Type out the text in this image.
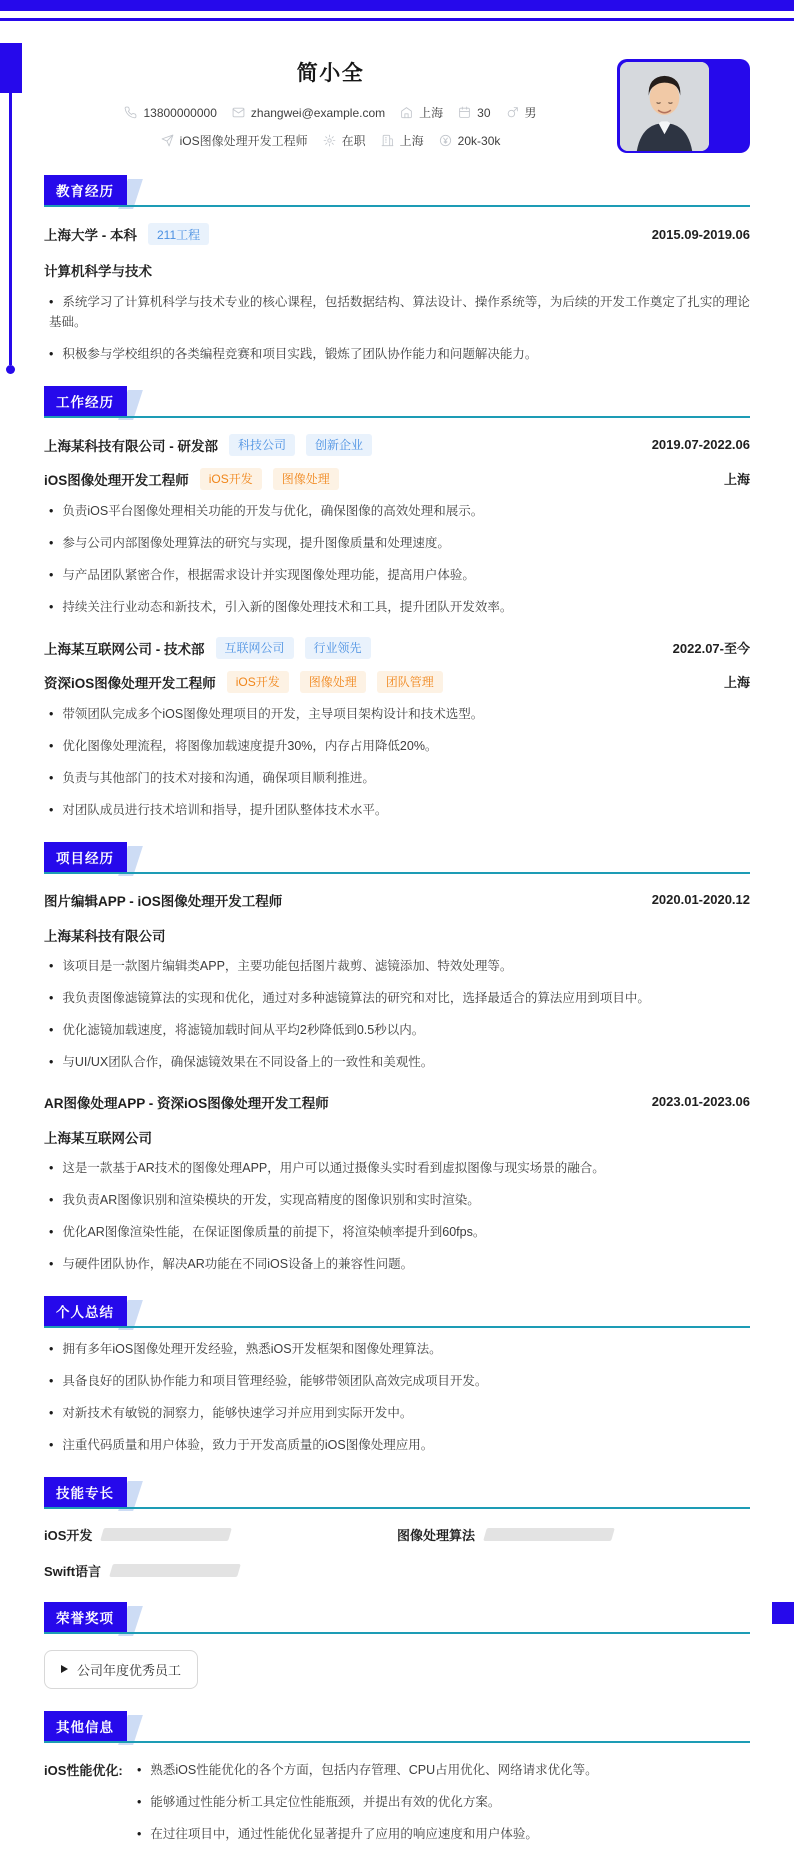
简小全
13800000000	zhangwei@example.com	上海	30	男
iOS图像处理开发工程师	在职	上海	20k-30k
教育经历
上海大学 - 本科	211工程	2015.09-2019.06
计算机科学与技术

• 系统学习了计算机科学与技术专业的核心课程，包括数据结构、算法设计、操作系统等，为后续的开发工作奠定了扎实的理论基础。

• 积极参与学校组织的各类编程竞赛和项目实践，锻炼了团队协作能力和问题解决能力。

工作经历
上海某科技有限公司 - 研发部	科技公司	创新企业	2019.07-2022.06
iOS图像处理开发工程师	iOS开发	图像处理	上海

• 负责iOS平台图像处理相关功能的开发与优化，确保图像的高效处理和展示。

• 参与公司内部图像处理算法的研究与实现，提升图像质量和处理速度。

• 与产品团队紧密合作，根据需求设计并实现图像处理功能，提高用户体验。

• 持续关注行业动态和新技术，引入新的图像处理技术和工具，提升团队开发效率。

上海某互联网公司 - 技术部	互联网公司	行业领先	2022.07-至今
资深iOS图像处理开发工程师	iOS开发	图像处理	团队管理	上海

• 带领团队完成多个iOS图像处理项目的开发，主导项目架构设计和技术选型。

• 优化图像处理流程，将图像加载速度提升30%，内存占用降低20%。

• 负责与其他部门的技术对接和沟通，确保项目顺利推进。

• 对团队成员进行技术培训和指导，提升团队整体技术水平。

项目经历
图片编辑APP - iOS图像处理开发工程师	2020.01-2020.12
上海某科技有限公司

• 该项目是一款图片编辑类APP，主要功能包括图片裁剪、滤镜添加、特效处理等。

• 我负责图像滤镜算法的实现和优化，通过对多种滤镜算法的研究和对比，选择最适合的算法应用到项目中。

• 优化滤镜加载速度，将滤镜加载时间从平均2秒降低到0.5秒以内。

• 与UI/UX团队合作，确保滤镜效果在不同设备上的一致性和美观性。

AR图像处理APP - 资深iOS图像处理开发工程师	2023.01-2023.06
上海某互联网公司

• 这是一款基于AR技术的图像处理APP，用户可以通过摄像头实时看到虚拟图像与现实场景的融合。

• 我负责AR图像识别和渲染模块的开发，实现高精度的图像识别和实时渲染。

• 优化AR图像渲染性能，在保证图像质量的前提下，将渲染帧率提升到60fps。

• 与硬件团队协作，解决AR功能在不同iOS设备上的兼容性问题。

个人总结

• 拥有多年iOS图像处理开发经验，熟悉iOS开发框架和图像处理算法。

• 具备良好的团队协作能力和项目管理经验，能够带领团队高效完成项目开发。

• 对新技术有敏锐的洞察力，能够快速学习并应用到实际开发中。

• 注重代码质量和用户体验，致力于开发高质量的iOS图像处理应用。

技能专长
iOS开发	图像处理算法
Swift语言
荣誉奖项
公司年度优秀员工
其他信息
iOS性能优化:	• 熟悉iOS性能优化的各个方面，包括内存管理、CPU占用优化、网络请求优化等。

• 能够通过性能分析工具定位性能瓶颈，并提出有效的优化方案。

• 在过往项目中，通过性能优化显著提升了应用的响应速度和用户体验。
